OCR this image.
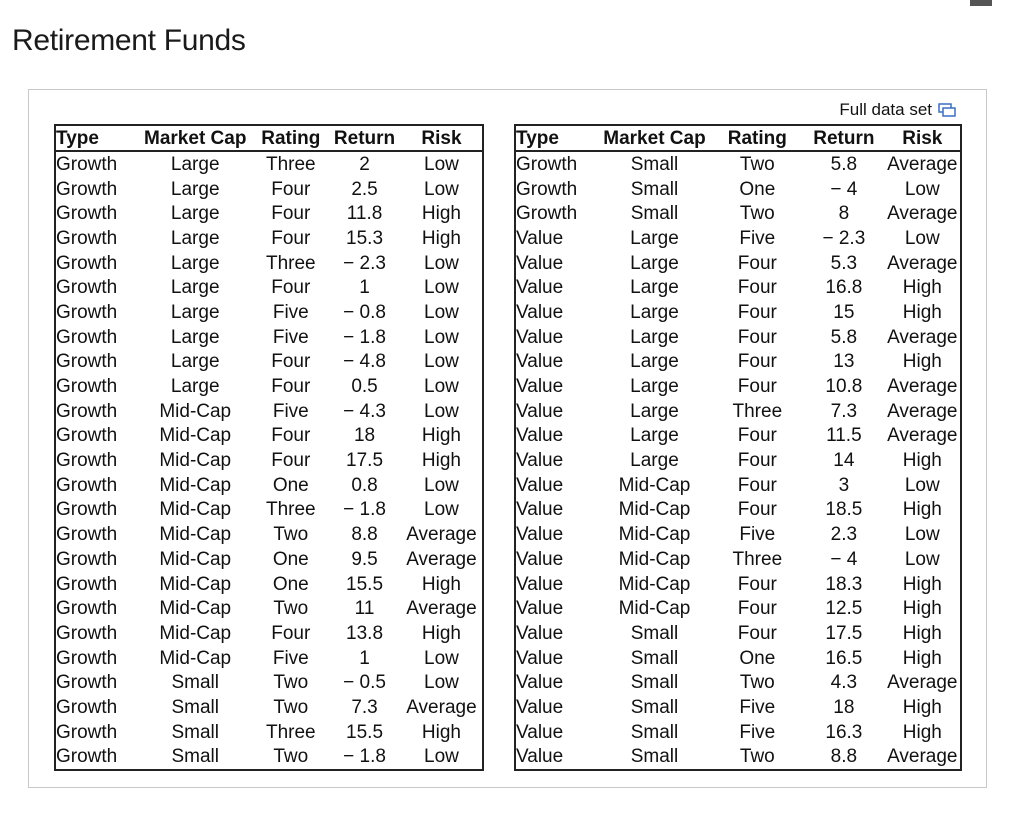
Retirement Funds
Full data set
Type	Market Cap	Rating	Return	Risk
Growth	Large	Three	2	Low
Growth	Large	Four	2.5	Low
Growth	Large	Four	11.8	High
Growth	Large	Four	15.3	High
Growth	Large	Three	− 2.3	Low
Growth	Large	Four	1	Low
Growth	Large	Five	− 0.8	Low
Growth	Large	Five	− 1.8	Low
Growth	Large	Four	− 4.8	Low
Growth	Large	Four	0.5	Low
Growth	Mid-Cap	Five	− 4.3	Low
Growth	Mid-Cap	Four	18	High
Growth	Mid-Cap	Four	17.5	High
Growth	Mid-Cap	One	0.8	Low
Growth	Mid-Cap	Three	− 1.8	Low
Growth	Mid-Cap	Two	8.8	Average
Growth	Mid-Cap	One	9.5	Average
Growth	Mid-Cap	One	15.5	High
Growth	Mid-Cap	Two	11	Average
Growth	Mid-Cap	Four	13.8	High
Growth	Mid-Cap	Five	1	Low
Growth	Small	Two	− 0.5	Low
Growth	Small	Two	7.3	Average
Growth	Small	Three	15.5	High
Growth	Small	Two	− 1.8	Low
Type	Market Cap	Rating	Return	Risk
Growth	Small	Two	5.8	Average
Growth	Small	One	− 4	Low
Growth	Small	Two	8	Average
Value	Large	Five	− 2.3	Low
Value	Large	Four	5.3	Average
Value	Large	Four	16.8	High
Value	Large	Four	15	High
Value	Large	Four	5.8	Average
Value	Large	Four	13	High
Value	Large	Four	10.8	Average
Value	Large	Three	7.3	Average
Value	Large	Four	11.5	Average
Value	Large	Four	14	High
Value	Mid-Cap	Four	3	Low
Value	Mid-Cap	Four	18.5	High
Value	Mid-Cap	Five	2.3	Low
Value	Mid-Cap	Three	− 4	Low
Value	Mid-Cap	Four	18.3	High
Value	Mid-Cap	Four	12.5	High
Value	Small	Four	17.5	High
Value	Small	One	16.5	High
Value	Small	Two	4.3	Average
Value	Small	Five	18	High
Value	Small	Five	16.3	High
Value	Small	Two	8.8	Average
